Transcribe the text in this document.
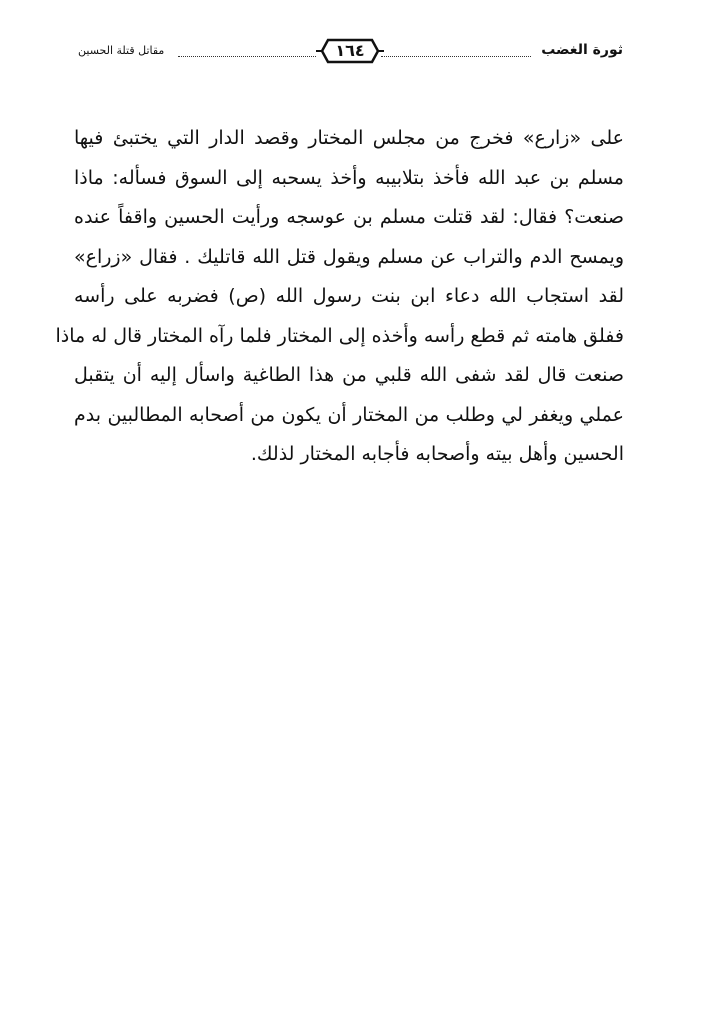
ثورة الغضب
١٦٤
مقاتل قتلة الحسين
على «زارع» فخرج من مجلس المختار وقصد الدار التي يختبئ فيها
مسلم بن عبد الله فأخذ بتلابيبه وأخذ يسحبه إلى السوق فسأله: ماذا
صنعت؟ فقال: لقد قتلت مسلم بن عوسجه ورأيت الحسين واقفاً عنده
ويمسح الدم والتراب عن مسلم ويقول قتل الله قاتليك . فقال «زراع»
لقد استجاب الله دعاء ابن بنت رسول الله (ص) فضربه على رأسه
ففلق هامته ثم قطع رأسه وأخذه إلى المختار فلما رآه المختار قال له ماذا
صنعت قال لقد شفى الله قلبي من هذا الطاغية واسأل إليه أن يتقبل
عملي ويغفر لي وطلب من المختار أن يكون من أصحابه المطالبين بدم
الحسين وأهل بيته وأصحابه فأجابه المختار لذلك.
